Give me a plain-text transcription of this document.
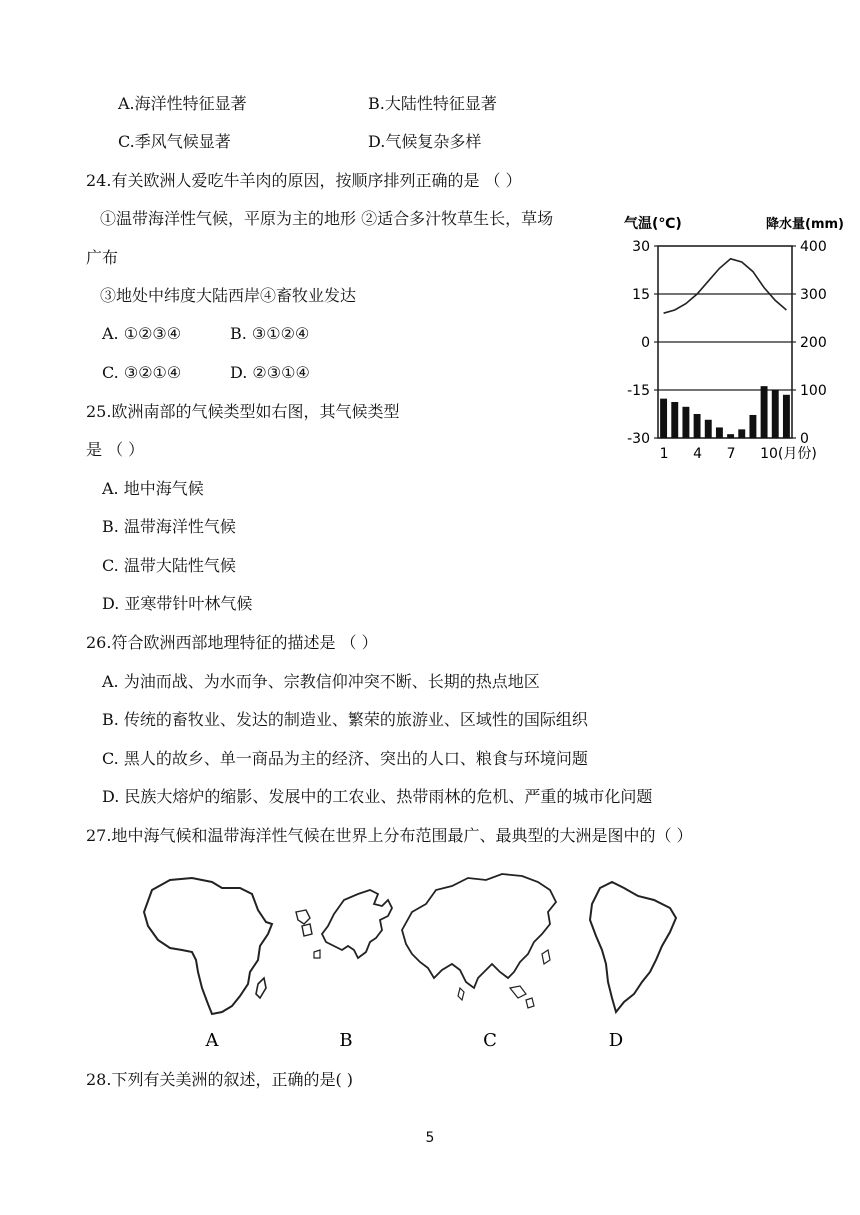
A.海洋性特征显著	B.大陆性特征显著
C.季风气候显著	D.气候复杂多样
24.有关欧洲人爱吃牛羊肉的原因，按顺序排列正确的是 （ ）
①温带海洋性气候，平原为主的地形 ②适合多汁牧草生长，草场
广布
③地处中纬度大陆西岸④畜牧业发达
A. ①②③④	B. ③①②④
C. ③②①④	D. ②③①④
25.欧洲南部的气候类型如右图，其气候类型
是 （ ）
A. 地中海气候
B. 温带海洋性气候
C. 温带大陆性气候
D. 亚寒带针叶林气候
气温(℃)	降水量(mm)
30
15
0
-15
-30
400
300
200
100
0
1 4 7 10(月份)
26.符合欧洲西部地理特征的描述是 （ ）
A. 为油而战、为水而争、宗教信仰冲突不断、长期的热点地区
B. 传统的畜牧业、发达的制造业、繁荣的旅游业、区域性的国际组织
C. 黑人的故乡、单一商品为主的经济、突出的人口、粮食与环境问题
D. 民族大熔炉的缩影、发展中的工农业、热带雨林的危机、严重的城市化问题
27.地中海气候和温带海洋性气候在世界上分布范围最广、最典型的大洲是图中的（ ）
A	B	C	D
28.下列有关美洲的叙述，正确的是( )
5
